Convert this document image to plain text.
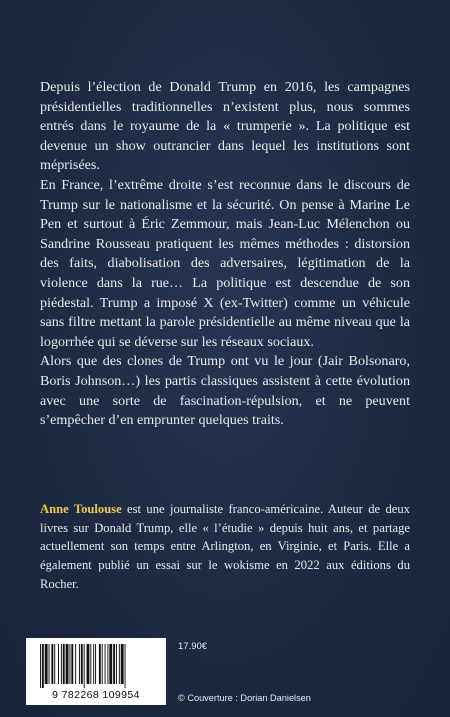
Depuis l’élection de Donald Trump en 2016, les campagnes présidentielles traditionnelles n’existent plus, nous sommes entrés dans le royaume de la « trumperie ». La politique est devenue un show outrancier dans lequel les institutions sont méprisées.

En France, l’extrême droite s’est reconnue dans le discours de Trump sur le nationalisme et la sécurité. On pense à Marine Le Pen et surtout à Éric Zemmour, mais Jean-Luc Mélenchon ou Sandrine Rousseau pratiquent les mêmes méthodes : distorsion des faits, diabolisation des adversaires, légitimation de la violence dans la rue… La politique est descendue de son piédestal. Trump a imposé X (ex-Twitter) comme un véhicule sans filtre mettant la parole présidentielle au même niveau que la logorrhée qui se déverse sur les réseaux sociaux.

Alors que des clones de Trump ont vu le jour (Jair Bolsonaro, Boris Johnson…) les partis classiques assistent à cette évolution avec une sorte de fascination-répulsion, et ne peuvent s’empêcher d’en emprunter quelques traits.

Anne Toulouse est une journaliste franco-américaine. Auteur de deux livres sur Donald Trump, elle « l’étudie » depuis huit ans, et partage actuellement son temps entre Arlington, en Virginie, et Paris. Elle a également publié un essai sur le wokisme en 2022 aux éditions du Rocher.

9 782268 109954
17.90€
© Couverture : Dorian Danielsen
